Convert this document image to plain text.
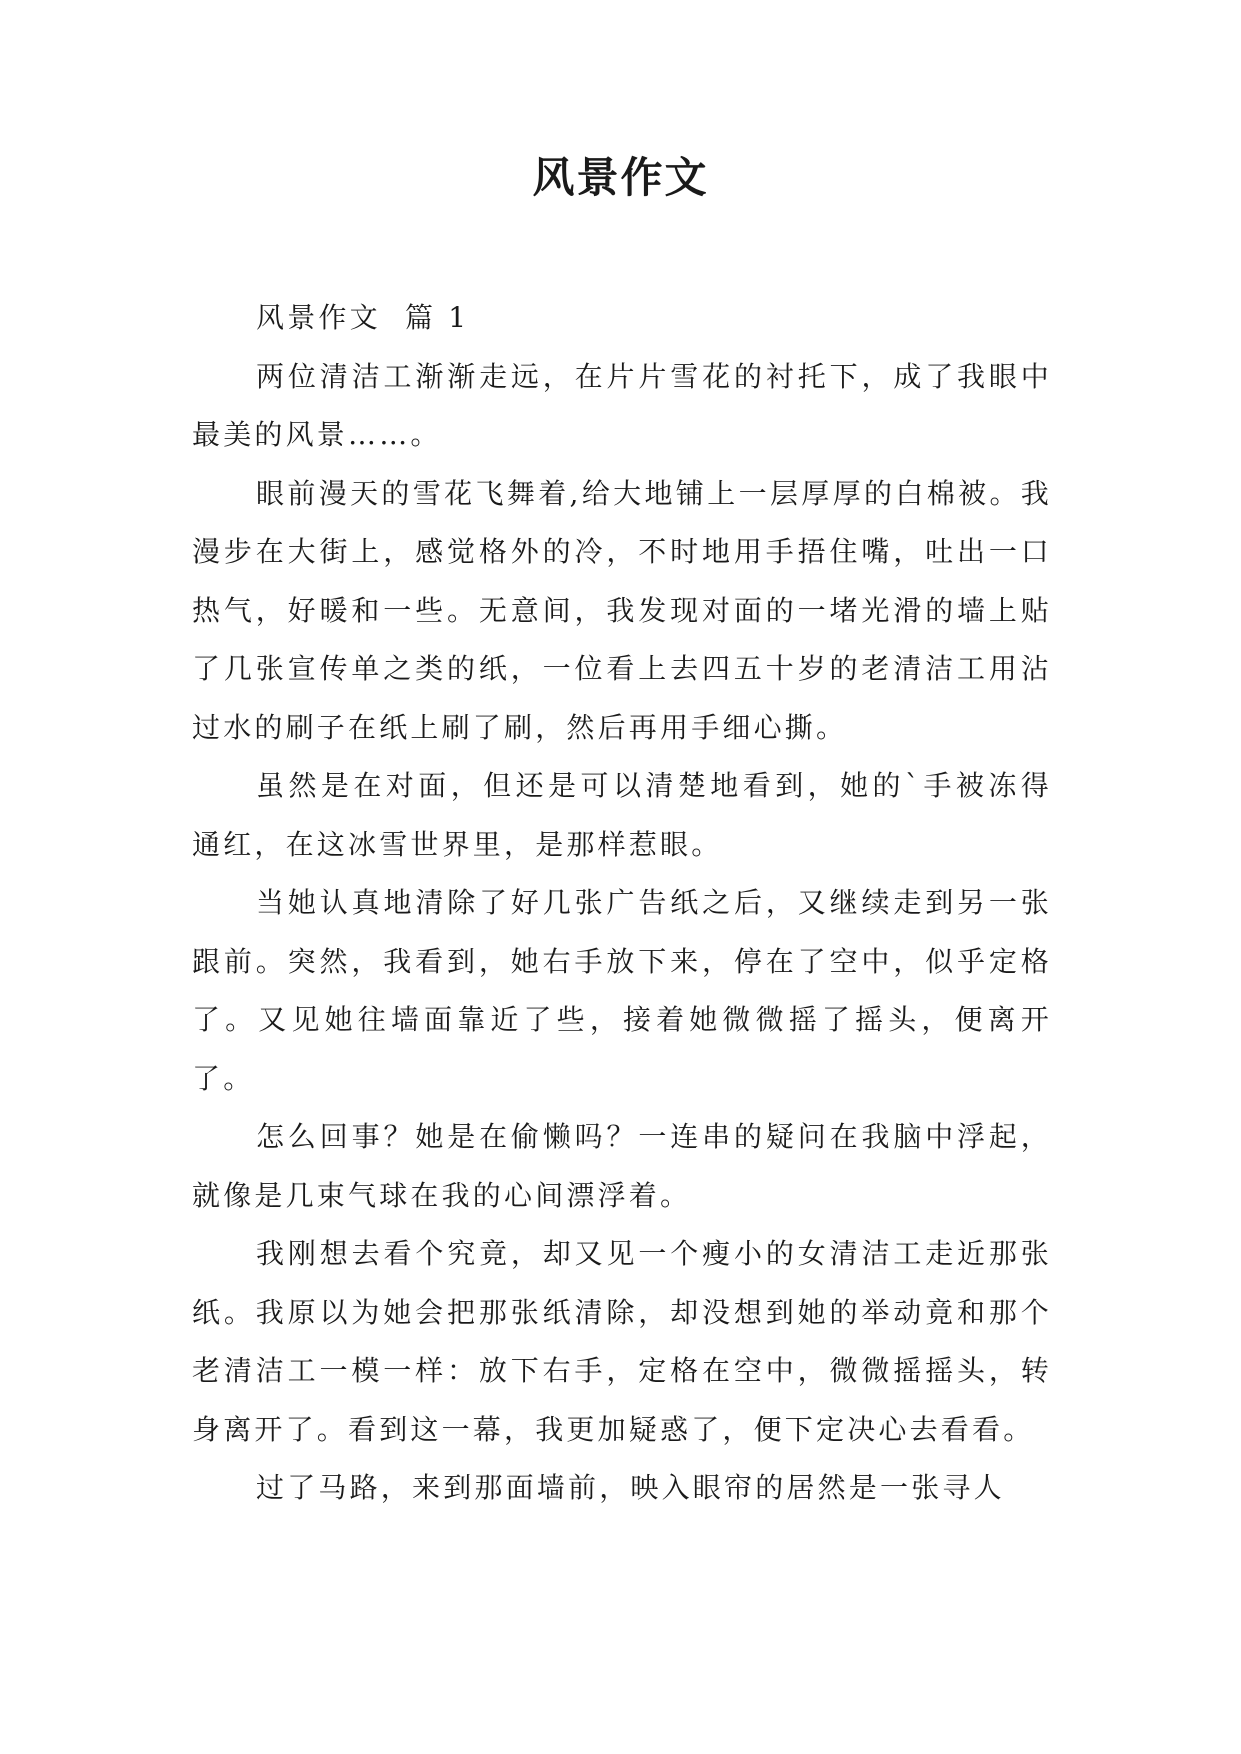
风景作文

风景作文  篇 1

两位清洁工渐渐走远，在片片雪花的衬托下，成了我眼中最美的风景……。

眼前漫天的雪花飞舞着,给大地铺上一层厚厚的白棉被。我漫步在大街上，感觉格外的冷，不时地用手捂住嘴，吐出一口热气，好暖和一些。无意间，我发现对面的一堵光滑的墙上贴了几张宣传单之类的纸，一位看上去四五十岁的老清洁工用沾过水的刷子在纸上刷了刷，然后再用手细心撕。

虽然是在对面，但还是可以清楚地看到，她的`手被冻得通红，在这冰雪世界里，是那样惹眼。

当她认真地清除了好几张广告纸之后，又继续走到另一张跟前。突然，我看到，她右手放下来，停在了空中，似乎定格了。又见她往墙面靠近了些，接着她微微摇了摇头，便离开了。

怎么回事？她是在偷懒吗？一连串的疑问在我脑中浮起，就像是几束气球在我的心间漂浮着。

我刚想去看个究竟，却又见一个瘦小的女清洁工走近那张纸。我原以为她会把那张纸清除，却没想到她的举动竟和那个老清洁工一模一样：放下右手，定格在空中，微微摇摇头，转身离开了。看到这一幕，我更加疑惑了，便下定决心去看看。

过了马路，来到那面墙前，映入眼帘的居然是一张寻人
